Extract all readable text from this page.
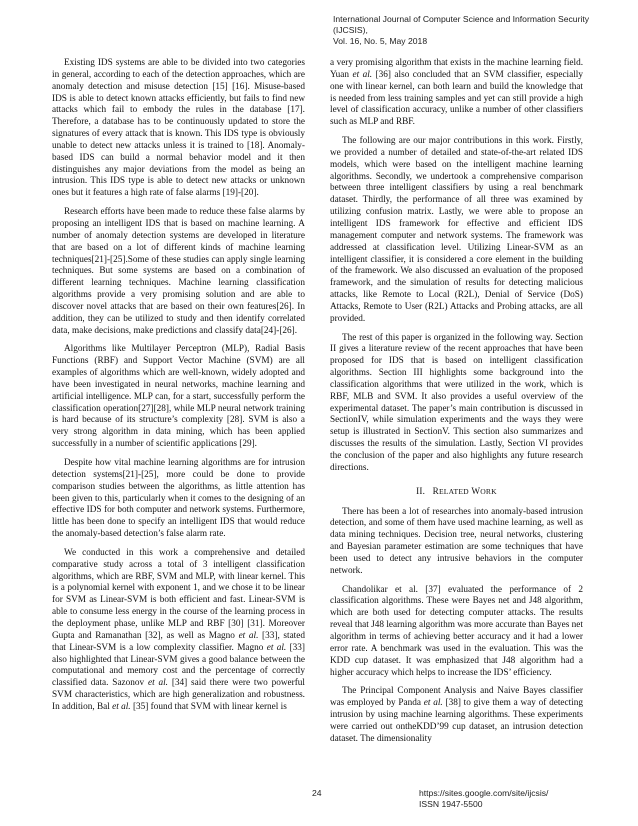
International Journal of Computer Science and Information Security (IJCSIS),
Vol. 16, No. 5, May 2018

Existing IDS systems are able to be divided into two categories in general, according to each of the detection approaches, which are anomaly detection and misuse detection [15] [16]. Misuse-based IDS is able to detect known attacks efficiently, but fails to find new attacks which fail to embody the rules in the database [17]. Therefore, a database has to be continuously updated to store the signatures of every attack that is known. This IDS type is obviously unable to detect new attacks unless it is trained to [18]. Anomaly-based IDS can build a normal behavior model and it then distinguishes any major deviations from the model as being an intrusion. This IDS type is able to detect new attacks or unknown ones but it features a high rate of false alarms [19]-[20].

Research efforts have been made to reduce these false alarms by proposing an intelligent IDS that is based on machine learning. A number of anomaly detection systems are developed in literature that are based on a lot of different kinds of machine learning techniques[21]-[25].Some of these studies can apply single learning techniques. But some systems are based on a combination of different learning techniques. Machine learning classification algorithms provide a very promising solution and are able to discover novel attacks that are based on their own features[26]. In addition, they can be utilized to study and then identify correlated data, make decisions, make predictions and classify data[24]-[26].

Algorithms like Multilayer Perceptron (MLP), Radial Basis Functions (RBF) and Support Vector Machine (SVM) are all examples of algorithms which are well-known, widely adopted and have been investigated in neural networks, machine learning and artificial intelligence. MLP can, for a start, successfully perform the classification operation[27][28], while MLP neural network training is hard because of its structure’s complexity [28]. SVM is also a very strong algorithm in data mining, which has been applied successfully in a number of scientific applications [29].

Despite how vital machine learning algorithms are for intrusion detection systems[21]-[25], more could be done to provide comparison studies between the algorithms, as little attention has been given to this, particularly when it comes to the designing of an effective IDS for both computer and network systems. Furthermore, little has been done to specify an intelligent IDS that would reduce the anomaly-based detection’s false alarm rate.

We conducted in this work a comprehensive and detailed comparative study across a total of 3 intelligent classification algorithms, which are RBF, SVM and MLP, with linear kernel. This is a polynomial kernel with exponent 1, and we chose it to be linear for SVM as Linear-SVM is both efficient and fast. Linear-SVM is able to consume less energy in the course of the learning process in the deployment phase, unlike MLP and RBF [30] [31]. Moreover Gupta and Ramanathan [32], as well as Magno et al. [33], stated that Linear-SVM is a low complexity classifier. Magno et al. [33] also highlighted that Linear-SVM gives a good balance between the computational and memory cost and the percentage of correctly classified data. Sazonov et al. [34] said there were two powerful SVM characteristics, which are high generalization and robustness. In addition, Bal et al. [35] found that SVM with linear kernel is

a very promising algorithm that exists in the machine learning field. Yuan et al. [36] also concluded that an SVM classifier, especially one with linear kernel, can both learn and build the knowledge that is needed from less training samples and yet can still provide a high level of classification accuracy, unlike a number of other classifiers such as MLP and RBF.

The following are our major contributions in this work. Firstly, we provided a number of detailed and state-of-the-art related IDS models, which were based on the intelligent machine learning algorithms. Secondly, we undertook a comprehensive comparison between three intelligent classifiers by using a real benchmark dataset. Thirdly, the performance of all three was examined by utilizing confusion matrix. Lastly, we were able to propose an intelligent IDS framework for effective and efficient IDS management computer and network systems. The framework was addressed at classification level. Utilizing Linear-SVM as an intelligent classifier, it is considered a core element in the building of the framework. We also discussed an evaluation of the proposed framework, and the simulation of results for detecting malicious attacks, like Remote to Local (R2L), Denial of Service (DoS) Attacks, Remote to User (R2L) Attacks and Probing attacks, are all provided.

The rest of this paper is organized in the following way. Section II gives a literature review of the recent approaches that have been proposed for IDS that is based on intelligent classification algorithms. Section III highlights some background into the classification algorithms that were utilized in the work, which is RBF, MLB and SVM. It also provides a useful overview of the experimental dataset. The paper’s main contribution is discussed in SectionIV, while simulation experiments and the ways they were setup is illustrated in SectionV. This section also summarizes and discusses the results of the simulation. Lastly, Section VI provides the conclusion of the paper and also highlights any future research directions.

II. RELATED WORK

There has been a lot of researches into anomaly-based intrusion detection, and some of them have used machine learning, as well as data mining techniques. Decision tree, neural networks, clustering and Bayesian parameter estimation are some techniques that have been used to detect any intrusive behaviors in the computer network.

Chandolikar et al. [37] evaluated the performance of 2 classification algorithms. These were Bayes net and J48 algorithm, which are both used for detecting computer attacks. The results reveal that J48 learning algorithm was more accurate than Bayes net algorithm in terms of achieving better accuracy and it had a lower error rate. A benchmark was used in the evaluation. This was the KDD cup dataset. It was emphasized that J48 algorithm had a higher accuracy which helps to increase the IDS’ efficiency.

The Principal Component Analysis and Naive Bayes classifier was employed by Panda et al. [38] to give them a way of detecting intrusion by using machine learning algorithms. These experiments were carried out ontheKDD’99 cup dataset, an intrusion detection dataset. The dimensionality

24	https://sites.google.com/site/ijcsis/
ISSN 1947-5500
